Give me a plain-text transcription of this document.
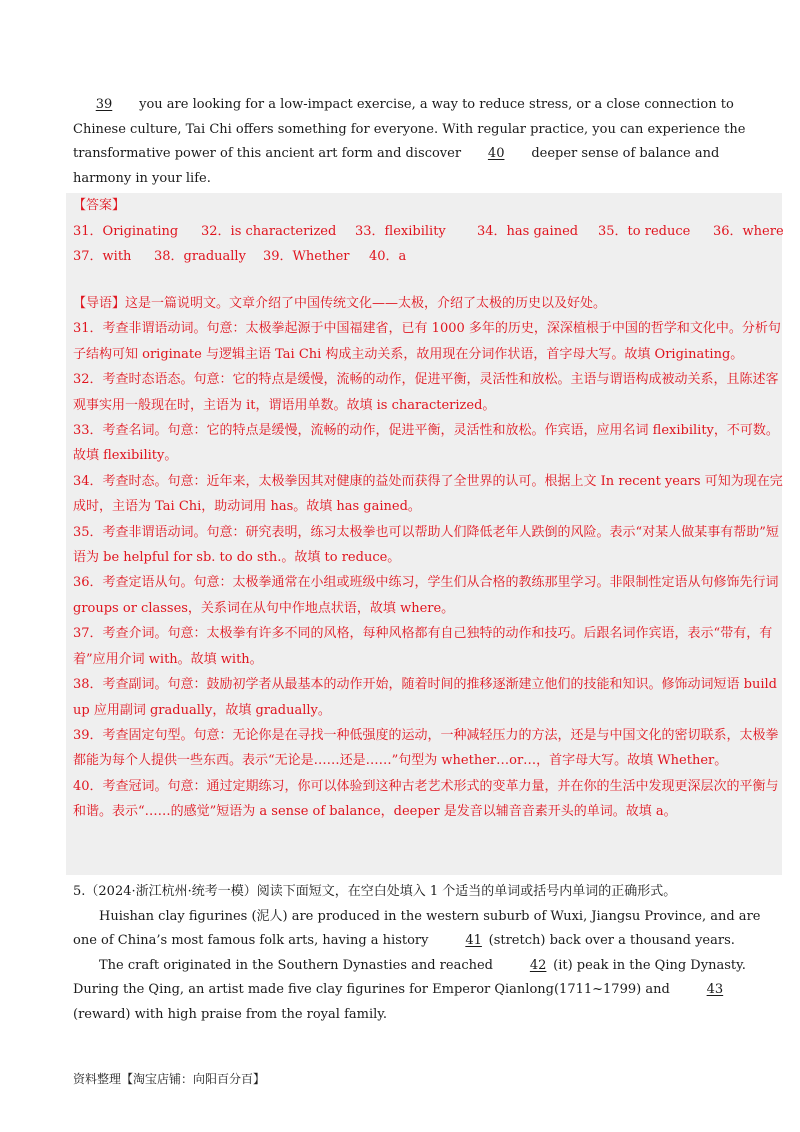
39 you are looking for a low-impact exercise, a way to reduce stress, or a close connection to Chinese culture, Tai Chi offers something for everyone. With regular practice, you can experience the transformative power of this ancient art form and discover 40 deeper sense of balance and harmony in your life.
【答案】
31．Originating 32．is characterized 33．flexibility 34．has gained 35．to reduce 36．where
37．with 38．gradually 39．Whether 40．a
【导语】这是一篇说明文。文章介绍了中国传统文化——太极，介绍了太极的历史以及好处。
31．考查非谓语动词。句意：太极拳起源于中国福建省，已有 1000 多年的历史，深深植根于中国的哲学和文化中。分析句子结构可知 originate 与逻辑主语 Tai Chi 构成主动关系，故用现在分词作状语，首字母大写。故填 Originating。
32．考查时态语态。句意：它的特点是缓慢，流畅的动作，促进平衡，灵活性和放松。主语与谓语构成被动关系，且陈述客观事实用一般现在时，主语为 it，谓语用单数。故填 is characterized。
33．考查名词。句意：它的特点是缓慢，流畅的动作，促进平衡，灵活性和放松。作宾语，应用名词 flexibility，不可数。故填 flexibility。
34．考查时态。句意：近年来，太极拳因其对健康的益处而获得了全世界的认可。根据上文 In recent years 可知为现在完成时，主语为 Tai Chi，助动词用 has。故填 has gained。
35．考查非谓语动词。句意：研究表明，练习太极拳也可以帮助人们降低老年人跌倒的风险。表示“对某人做某事有帮助”短语为 be helpful for sb. to do sth.。故填 to reduce。
36．考查定语从句。句意：太极拳通常在小组或班级中练习，学生们从合格的教练那里学习。非限制性定语从句修饰先行词 groups or classes，关系词在从句中作地点状语，故填 where。
37．考查介词。句意：太极拳有许多不同的风格，每种风格都有自己独特的动作和技巧。后跟名词作宾语，表示“带有，有着”应用介词 with。故填 with。
38．考查副词。句意：鼓励初学者从最基本的动作开始，随着时间的推移逐渐建立他们的技能和知识。修饰动词短语 build up 应用副词 gradually，故填 gradually。
39．考查固定句型。句意：无论你是在寻找一种低强度的运动，一种减轻压力的方法，还是与中国文化的密切联系，太极拳都能为每个人提供一些东西。表示“无论是……还是……”句型为 whether…or…，首字母大写。故填 Whether。
40．考查冠词。句意：通过定期练习，你可以体验到这种古老艺术形式的变革力量，并在你的生活中发现更深层次的平衡与和谐。表示“……的感觉”短语为 a sense of balance，deeper 是发音以辅音音素开头的单词。故填 a。
5.（2024·浙江杭州·统考一模）阅读下面短文，在空白处填入 1 个适当的单词或括号内单词的正确形式。
Huishan clay figurines (泥人) are produced in the western suburb of Wuxi, Jiangsu Province, and are one of China’s most famous folk arts, having a history	41 (stretch) back over a thousand years.
The craft originated in the Southern Dynasties and reached	42 (it) peak in the Qing Dynasty. During the Qing, an artist made five clay figurines for Emperor Qianlong(1711~1799) and	43(reward) with high praise from the royal family.
资料整理【淘宝店铺：向阳百分百】
